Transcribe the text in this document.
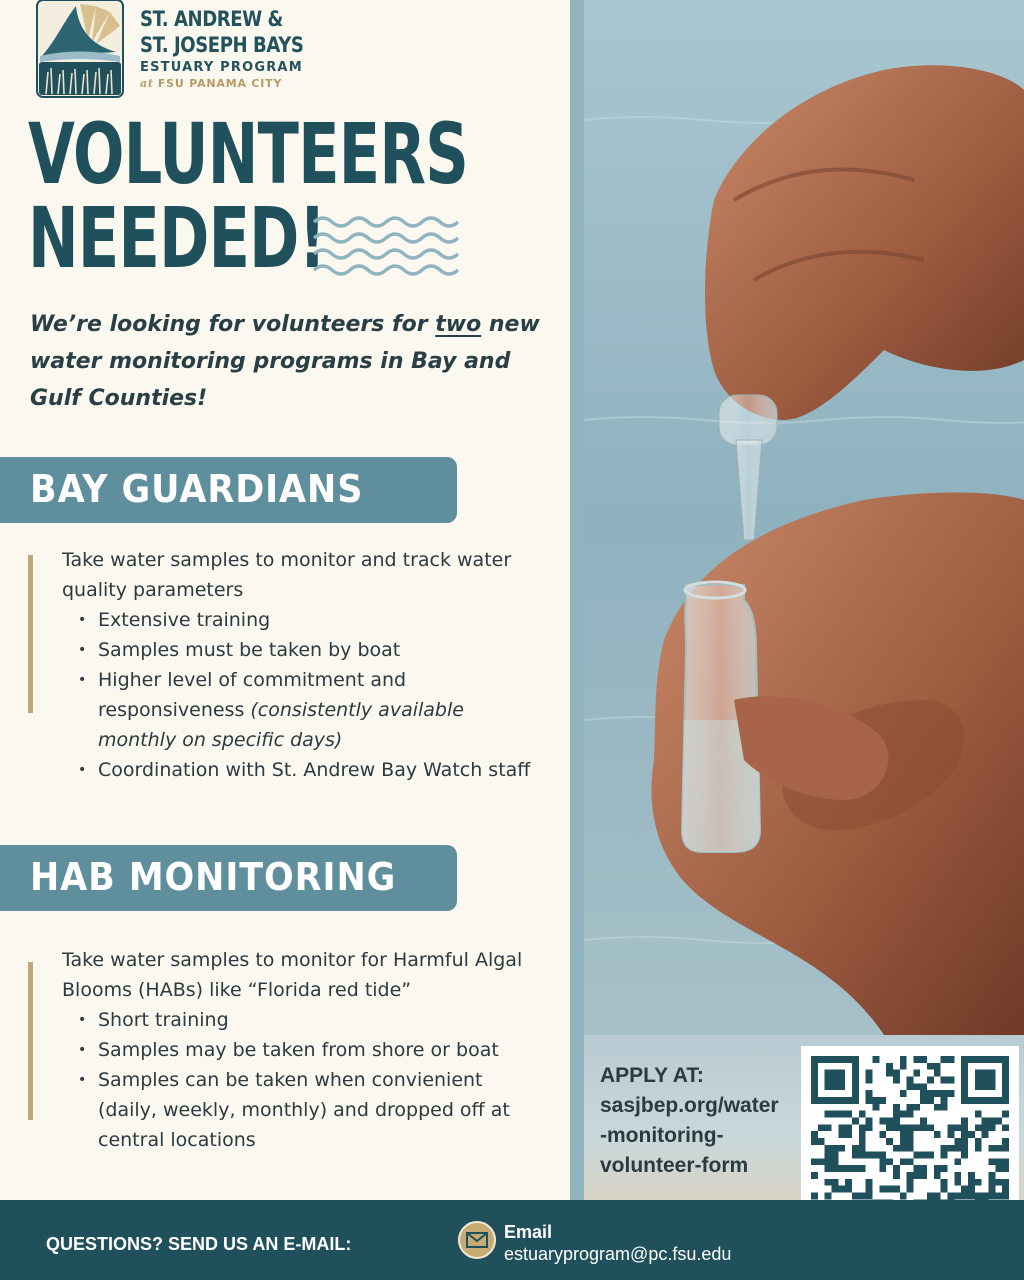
ST. ANDREW &
ST. JOSEPH BAYS
ESTUARY PROGRAM
at FSU PANAMA CITY
VOLUNTEERS
NEEDED!
We’re looking for volunteers for two new water monitoring programs in Bay and Gulf Counties!
BAY GUARDIANS
Take water samples to monitor and track water quality parameters
• Extensive training
• Samples must be taken by boat
• Higher level of commitment and responsiveness (consistently available monthly on specific days)
• Coordination with St. Andrew Bay Watch staff
HAB MONITORING
Take water samples to monitor for Harmful Algal Blooms (HABs) like “Florida red tide”
• Short training
• Samples may be taken from shore or boat
• Samples can be taken when convienient (daily, weekly, monthly) and dropped off at central locations
APPLY AT:
sasjbep.org/water
-monitoring-
volunteer-form
QUESTIONS? SEND US AN E-MAIL:
Email
estuaryprogram@pc.fsu.edu
